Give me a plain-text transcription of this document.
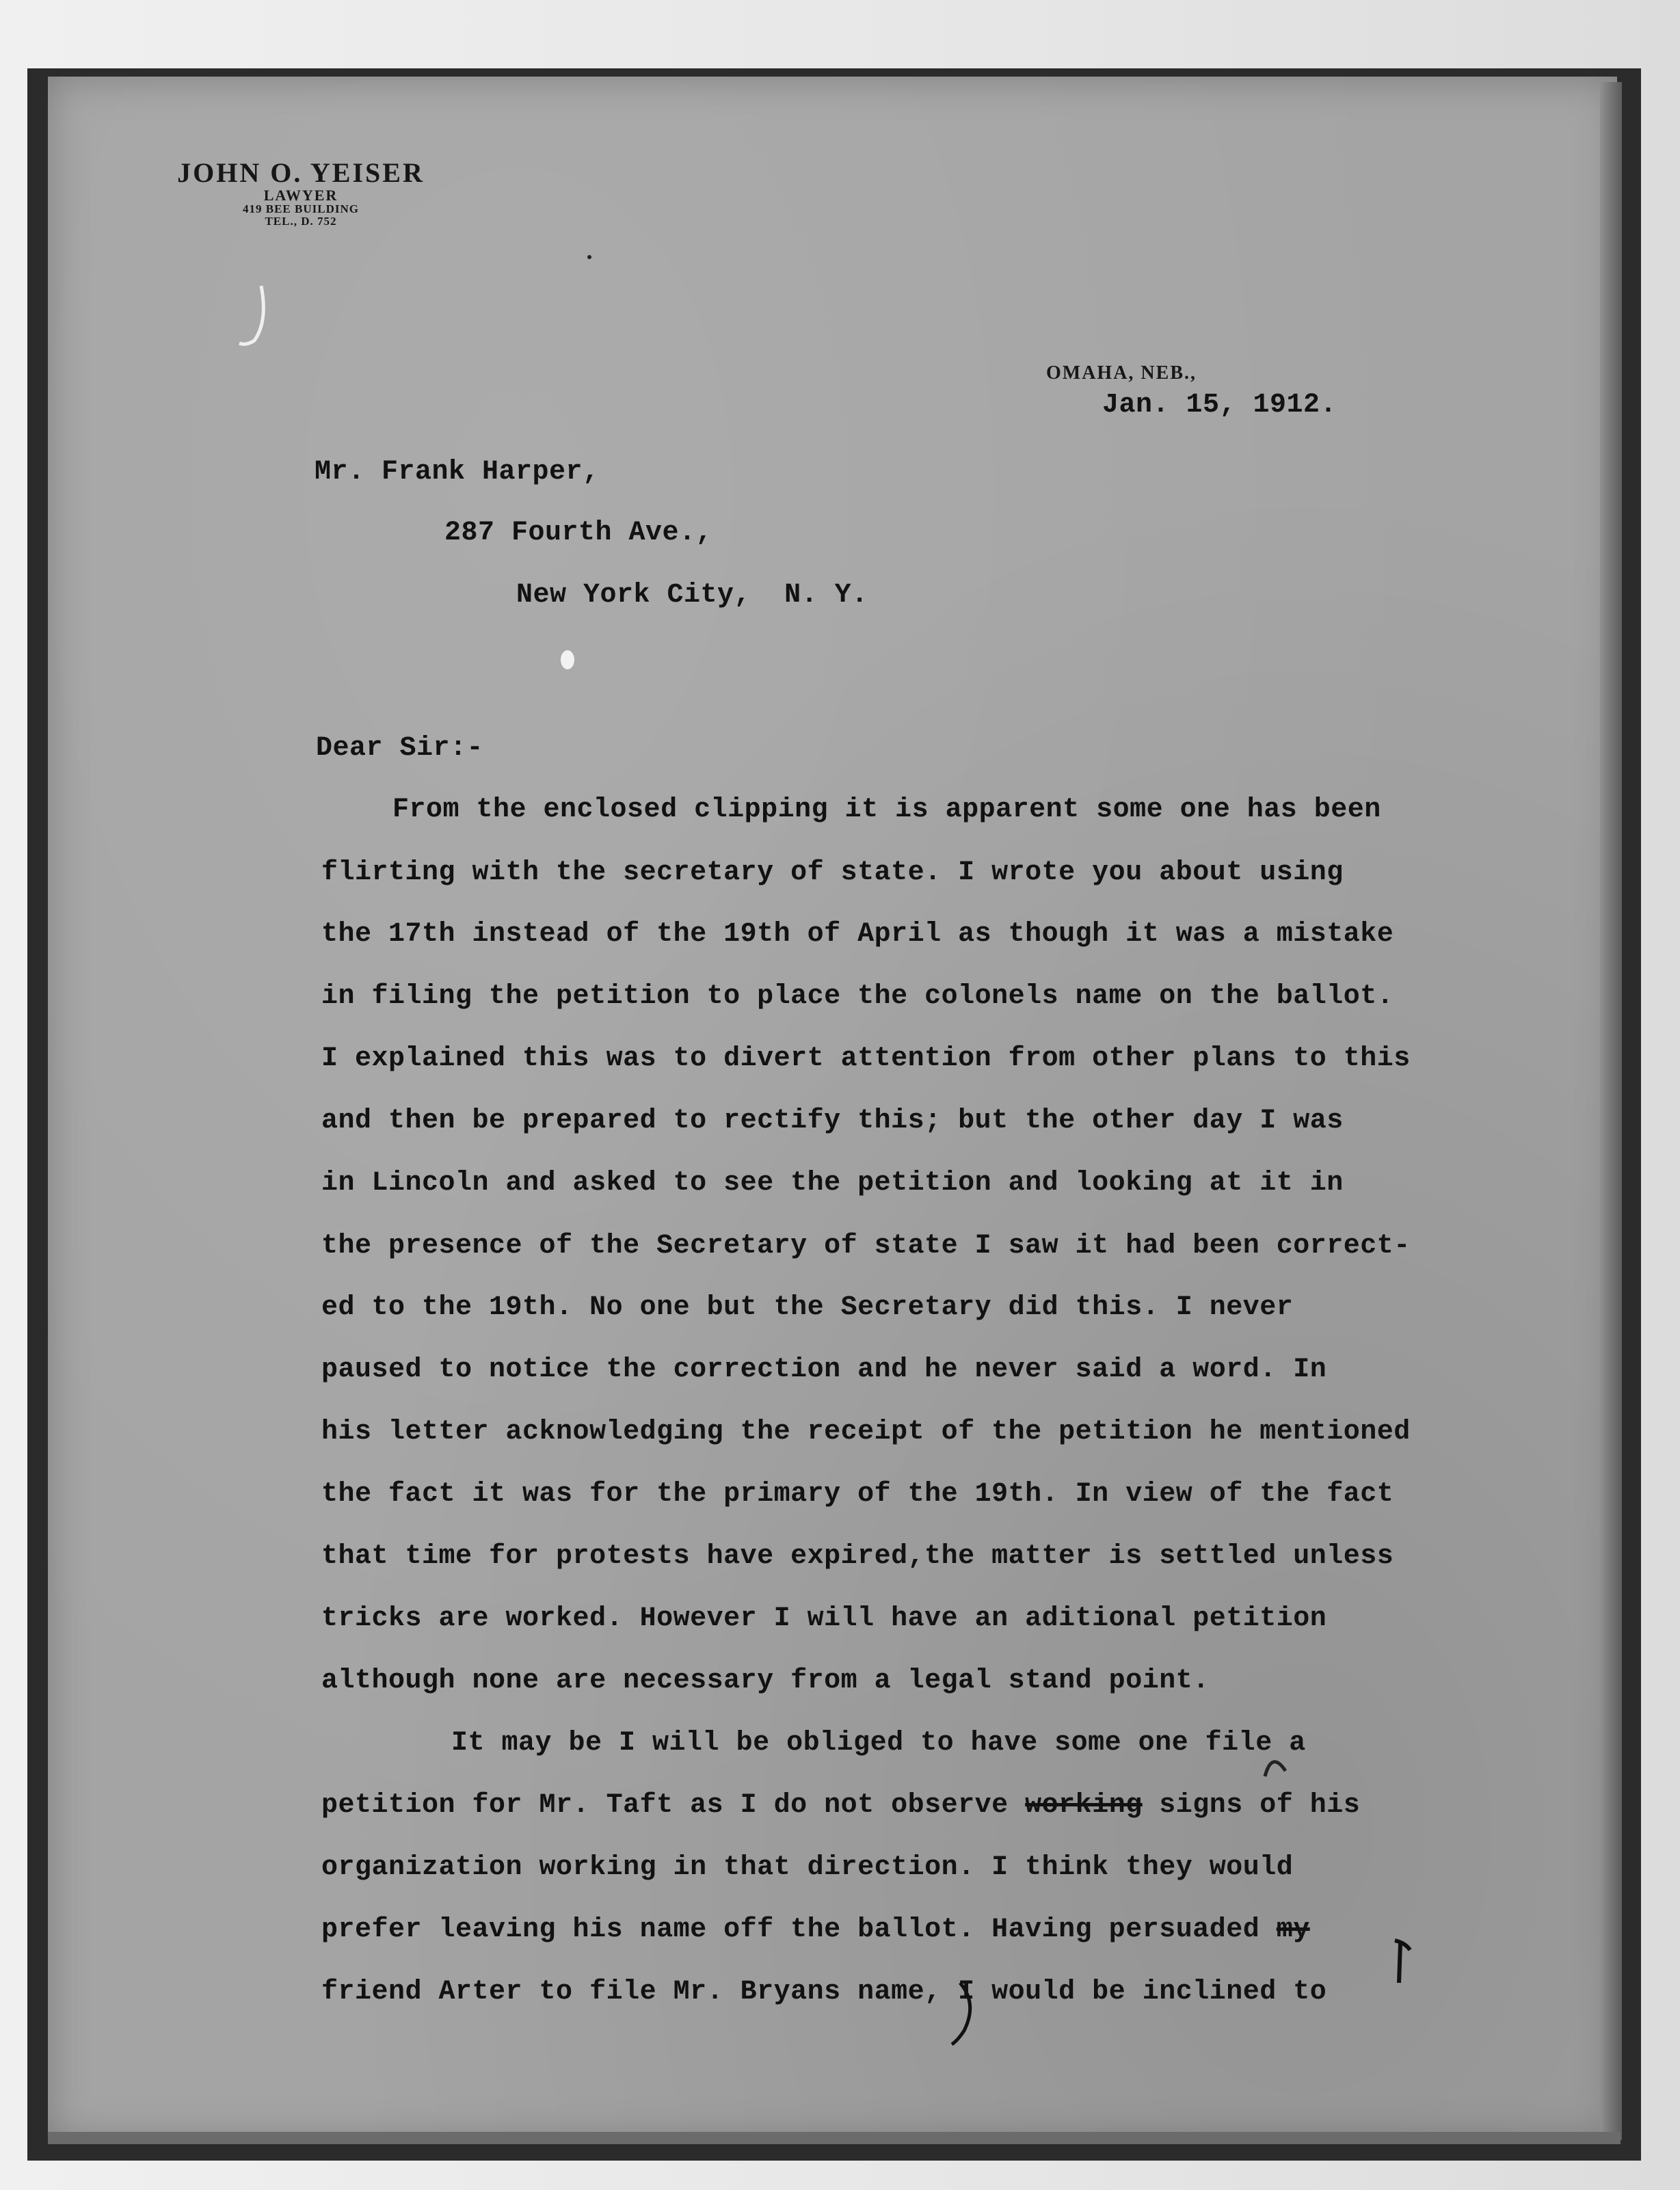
JOHN O. YEISER
LAWYER
419 BEE BUILDING
TEL., D. 752
OMAHA, NEB.,
Jan. 15, 1912.
Mr. Frank Harper,
287 Fourth Ave.,
New York City,  N. Y.
Dear Sir:-
From the enclosed clipping it is apparent some one has been
flirting with the secretary of state. I wrote you about using
the 17th instead of the 19th of April as though it was a mistake
in filing the petition to place the colonels name on the ballot.
I explained this was to divert attention from other plans to this
and then be prepared to rectify this; but the other day I was
in Lincoln and asked to see the petition and looking at it in
the presence of the Secretary of state I saw it had been correct-
ed to the 19th. No one but the Secretary did this. I never
paused to notice the correction and he never said a word. In
his letter acknowledging the receipt of the petition he mentioned
the fact it was for the primary of the 19th. In view of the fact
that time for protests have expired,the matter is settled unless
tricks are worked. However I will have an aditional petition
although none are necessary from a legal stand point.
It may be I will be obliged to have some one file a
petition for Mr. Taft as I do not observe working signs of his
organization working in that direction. I think they would
prefer leaving his name off the ballot. Having persuaded my
friend Arter to file Mr. Bryans name, I would be inclined to
